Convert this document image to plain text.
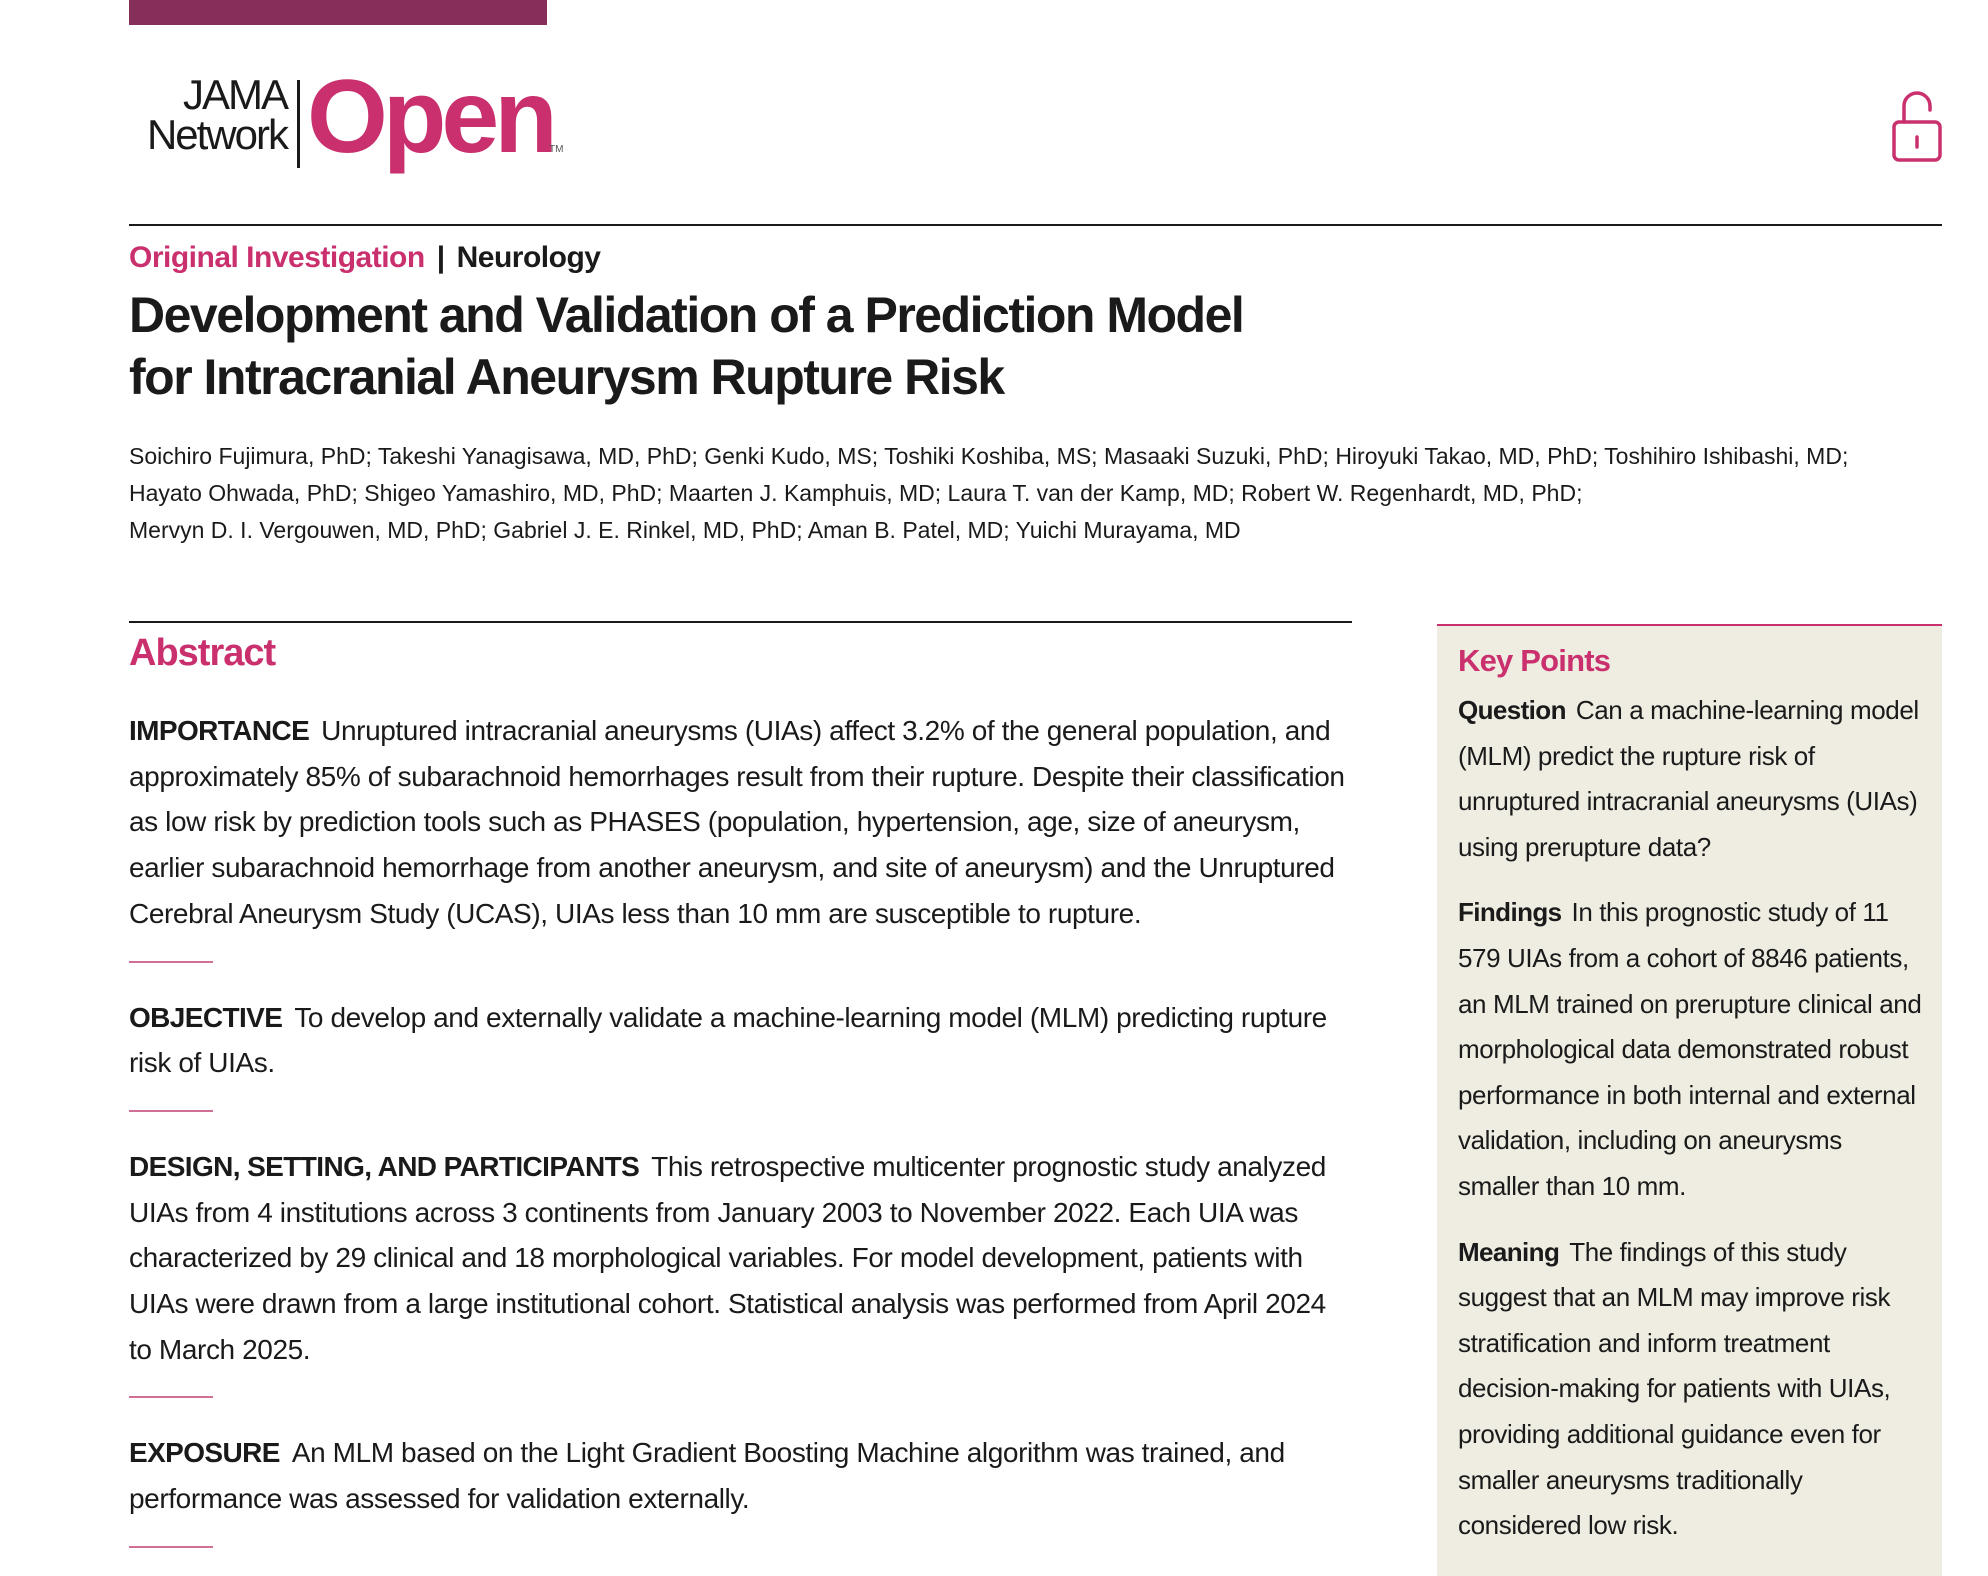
JAMA
Network Open
TM
Original Investigation | Neurology
Development and Validation of a Prediction Model
for Intracranial Aneurysm Rupture Risk

Soichiro Fujimura, PhD; Takeshi Yanagisawa, MD, PhD; Genki Kudo, MS; Toshiki Koshiba, MS; Masaaki Suzuki, PhD; Hiroyuki Takao, MD, PhD; Toshihiro Ishibashi, MD;
Hayato Ohwada, PhD; Shigeo Yamashiro, MD, PhD; Maarten J. Kamphuis, MD; Laura T. van der Kamp, MD; Robert W. Regenhardt, MD, PhD;
Mervyn D. I. Vergouwen, MD, PhD; Gabriel J. E. Rinkel, MD, PhD; Aman B. Patel, MD; Yuichi Murayama, MD

Abstract

IMPORTANCE Unruptured intracranial aneurysms (UIAs) affect 3.2% of the general population, and approximately 85% of subarachnoid hemorrhages result from their rupture. Despite their classification as low risk by prediction tools such as PHASES (population, hypertension, age, size of aneurysm, earlier subarachnoid hemorrhage from another aneurysm, and site of aneurysm) and the Unruptured Cerebral Aneurysm Study (UCAS), UIAs less than 10 mm are susceptible to rupture.

OBJECTIVE To develop and externally validate a machine-learning model (MLM) predicting rupture risk of UIAs.

DESIGN, SETTING, AND PARTICIPANTS This retrospective multicenter prognostic study analyzed UIAs from 4 institutions across 3 continents from January 2003 to November 2022. Each UIA was characterized by 29 clinical and 18 morphological variables. For model development, patients with UIAs were drawn from a large institutional cohort. Statistical analysis was performed from April 2024 to March 2025.

EXPOSURE An MLM based on the Light Gradient Boosting Machine algorithm was trained, and performance was assessed for validation externally.

Key Points

Question Can a machine-learning model (MLM) predict the rupture risk of unruptured intracranial aneurysms (UIAs) using prerupture data?

Findings In this prognostic study of 11 579 UIAs from a cohort of 8846 patients, an MLM trained on prerupture clinical and morphological data demonstrated robust performance in both internal and external validation, including on aneurysms smaller than 10 mm.

Meaning The findings of this study suggest that an MLM may improve risk stratification and inform treatment decision-making for patients with UIAs, providing additional guidance even for smaller aneurysms traditionally considered low risk.
